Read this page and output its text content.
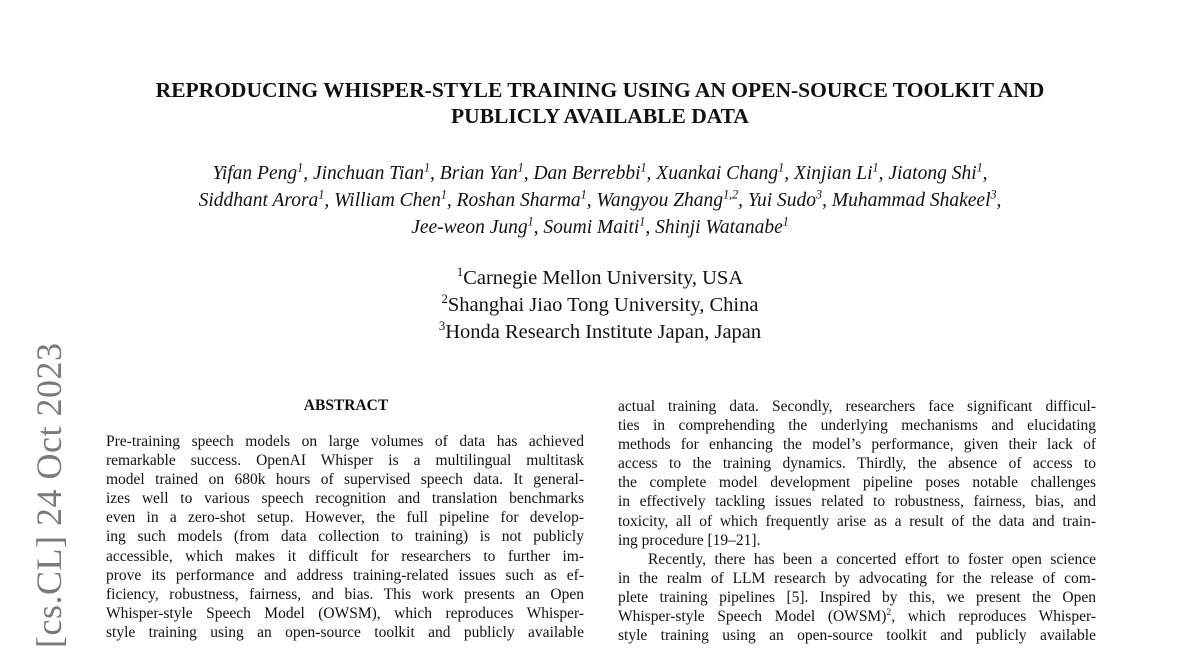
[cs.CL] 24 Oct 2023
REPRODUCING WHISPER-STYLE TRAINING USING AN OPEN-SOURCE TOOLKIT AND
PUBLICLY AVAILABLE DATA
Yifan Peng$^1$, Jinchuan Tian$^1$, Brian Yan$^1$, Dan Berrebbi$^1$, Xuankai Chang$^1$, Xinjian Li$^1$, Jiatong Shi$^1$,
Siddhant Arora$^1$, William Chen$^1$, Roshan Sharma$^1$, Wangyou Zhang$^{1,2}$, Yui Sudo$^3$, Muhammad Shakeel$^3$,
Jee-weon Jung$^1$, Soumi Maiti$^1$, Shinji Watanabe$^1$
$^1$Carnegie Mellon University, USA
$^2$Shanghai Jiao Tong University, China
$^3$Honda Research Institute Japan, Japan
ABSTRACT
Pre-training speech models on large volumes of data has achieved
remarkable success. OpenAI Whisper is a multilingual multitask
model trained on 680k hours of supervised speech data. It general-
izes well to various speech recognition and translation benchmarks
even in a zero-shot setup. However, the full pipeline for develop-
ing such models (from data collection to training) is not publicly
accessible, which makes it difficult for researchers to further im-
prove its performance and address training-related issues such as ef-
ficiency, robustness, fairness, and bias. This work presents an Open
Whisper-style Speech Model (OWSM), which reproduces Whisper-
style training using an open-source toolkit and publicly available
actual training data. Secondly, researchers face significant difficul-
ties in comprehending the underlying mechanisms and elucidating
methods for enhancing the model’s performance, given their lack of
access to the training dynamics. Thirdly, the absence of access to
the complete model development pipeline poses notable challenges
in effectively tackling issues related to robustness, fairness, bias, and
toxicity, all of which frequently arise as a result of the data and train-
ing procedure [19–21].
Recently, there has been a concerted effort to foster open science
in the realm of LLM research by advocating for the release of com-
plete training pipelines [5]. Inspired by this, we present the Open
Whisper-style Speech Model (OWSM)$^2$, which reproduces Whisper-
style training using an open-source toolkit and publicly available
